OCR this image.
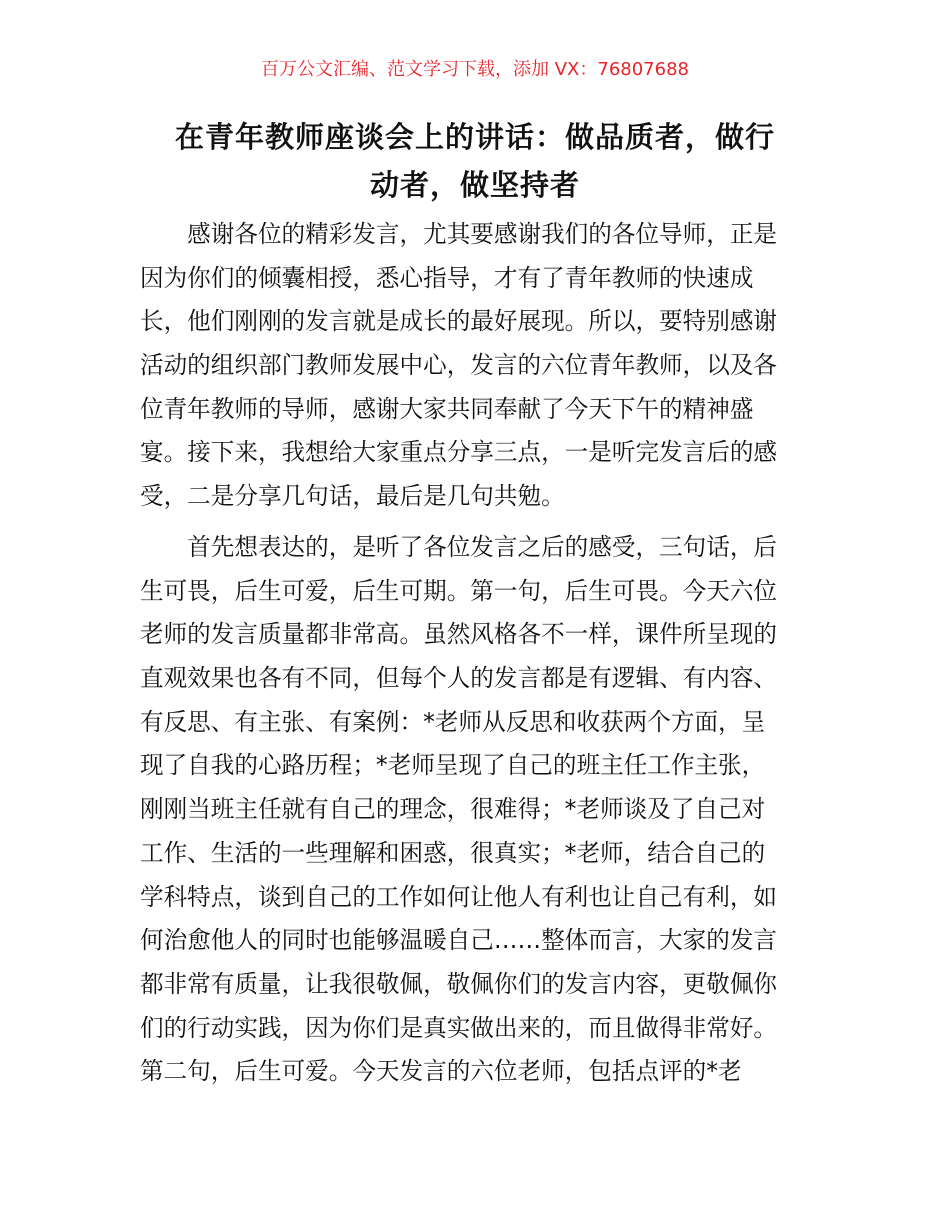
百万公文汇编、范文学习下载，添加 VX：76807688
在青年教师座谈会上的讲话：做品质者，做行
动者，做坚持者
　　感谢各位的精彩发言，尤其要感谢我们的各位导师，正是
因为你们的倾囊相授，悉心指导，才有了青年教师的快速成
长，他们刚刚的发言就是成长的最好展现。所以，要特别感谢
活动的组织部门教师发展中心，发言的六位青年教师，以及各
位青年教师的导师，感谢大家共同奉献了今天下午的精神盛
宴。接下来，我想给大家重点分享三点，一是听完发言后的感
受，二是分享几句话，最后是几句共勉。
　　首先想表达的，是听了各位发言之后的感受，三句话，后
生可畏，后生可爱，后生可期。第一句，后生可畏。今天六位
老师的发言质量都非常高。虽然风格各不一样，课件所呈现的
直观效果也各有不同，但每个人的发言都是有逻辑、有内容、
有反思、有主张、有案例：*老师从反思和收获两个方面，呈
现了自我的心路历程；*老师呈现了自己的班主任工作主张，
刚刚当班主任就有自己的理念，很难得；*老师谈及了自己对
工作、生活的一些理解和困惑，很真实；*老师，结合自己的
学科特点，谈到自己的工作如何让他人有利也让自己有利，如
何治愈他人的同时也能够温暖自己……整体而言，大家的发言
都非常有质量，让我很敬佩，敬佩你们的发言内容，更敬佩你
们的行动实践，因为你们是真实做出来的，而且做得非常好。
第二句，后生可爱。今天发言的六位老师，包括点评的*老
